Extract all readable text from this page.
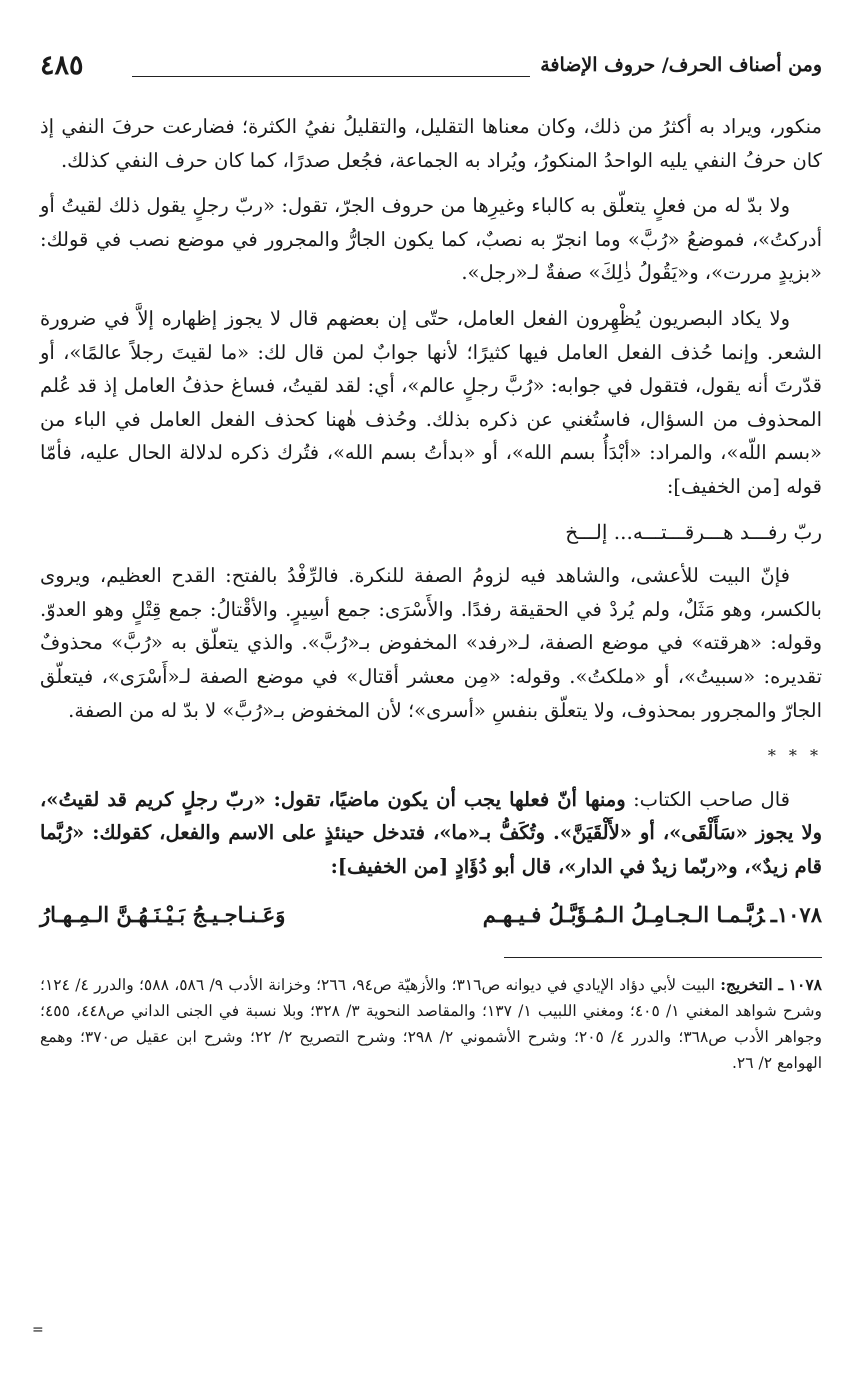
ومن أصناف الحرف/ حروف الإضافة
٤٨٥

منكور، ويراد به أكثرُ من ذلك، وكان معناها التقليل، والتقليلُ نفيُ الكثرة؛ فضارعت حرفَ النفي إذ كان حرفُ النفي يليه الواحدُ المنكورُ، ويُراد به الجماعة، فجُعل صدرًا، كما كان حرف النفي كذلك.

ولا بدّ له من فعلٍ يتعلّق به كالباء وغيرِها من حروف الجرّ، تقول: «ربّ رجلٍ يقول ذلك لقيتُ أو أدركتُ»، فموضعُ «رُبَّ» وما انجرّ به نصبٌ، كما يكون الجارُّ والمجرور في موضع نصب في قولك: «بزيدٍ مررت»، و«يَقُولُ ذٰلِكَ» صفةٌ لـ«رجل».

ولا يكاد البصريون يُظْهِرون الفعل العامل، حتّى إن بعضهم قال لا يجوز إظهاره إلاَّ في ضرورة الشعر. وإنما حُذف الفعل العامل فيها كثيرًا؛ لأنها جوابٌ لمن قال لك: «ما لقيتَ رجلاً عالمًا»، أو قدّرتَ أنه يقول، فتقول في جوابه: «رُبَّ رجلٍ عالم»، أي: لقد لقيتُ، فساغ حذفُ العامل إذ قد عُلم المحذوف من السؤال، فاستُغني عن ذكره بذلك. وحُذف هٰهنا كحذف الفعل العامل في الباء من «بسم اللّه»، والمراد: «أبْدَأُ بسم الله»، أو «بدأتُ بسم الله»، فتُرك ذكره لدلالة الحال عليه، فأمّا قوله [من الخفيف]:

ربّ رفـــد هـــرقـــتـــه... إلـــخ

فإنّ البيت للأعشى، والشاهد فيه لزومُ الصفة للنكرة. فالرِّفْدُ بالفتح: القدح العظيم، ويروى بالكسر، وهو مَثَلٌ، ولم يُردْ في الحقيقة رفدًا. والأَسْرَى: جمع أسِيرٍ. والأقْتالُ: جمع قِتْلٍ وهو العدوّ. وقوله: «هرقته» في موضع الصفة، لـ«رفد» المخفوض بـ«رُبَّ». والذي يتعلّق به «رُبَّ» محذوفٌ تقديره: «سبيتُ»، أو «ملكتُ». وقوله: «مِن معشر أقتال» في موضع الصفة لـ«أَسْرَى»، فيتعلّق الجارّ والمجرور بمحذوف، ولا يتعلّق بنفسِ «أسرى»؛ لأن المخفوض بـ«رُبَّ» لا بدّ له من الصفة.

* * *

قال صاحب الكتاب: ومنها أنّ فعلها يجب أن يكون ماضيًا، تقول: «ربّ رجلٍ كريم قد لقيتُ»، ولا يجوز «سَأَلْقَى»، أو «لأَلْقَيَنَّ». وتُكَفُّ بـ«ما»، فتدخل حينئذٍ على الاسم والفعل، كقولك: «رُبَّما قام زيدٌ»، و«ربّما زيدٌ في الدار»، قال أبو دُؤَادٍ [من الخفيف]:

١٠٧٨ـرُبَّـمـا الـجـامِـلُ الـمُـؤَبَّـلُ فـيـهـم
وَعَـنـاجـيـجُ بَـيْـنَـهُـنَّ الـمِـهـارُ
١٠٧٨ ـ التخريج: البيت لأبي دؤاد الإيادي في ديوانه ص٣١٦؛ والأزهيّة ص٩٤، ٢٦٦؛ وخزانة الأدب ٩/ ٥٨٦، ٥٨٨؛ والدرر ٤/ ١٢٤؛ وشرح شواهد المغني ١/ ٤٠٥؛ ومغني اللبيب ١/ ١٣٧؛ والمقاصد النحوية ٣/ ٣٢٨؛ وبلا نسبة في الجنى الداني ص٤٤٨، ٤٥٥؛ وجواهر الأدب ص٣٦٨؛ والدرر ٤/ ٢٠٥؛ وشرح الأشموني ٢/ ٢٩٨؛ وشرح التصريح ٢/ ٢٢؛ وشرح ابن عقيل ص٣٧٠؛ وهمع الهوامع ٢/ ٢٦.
=
